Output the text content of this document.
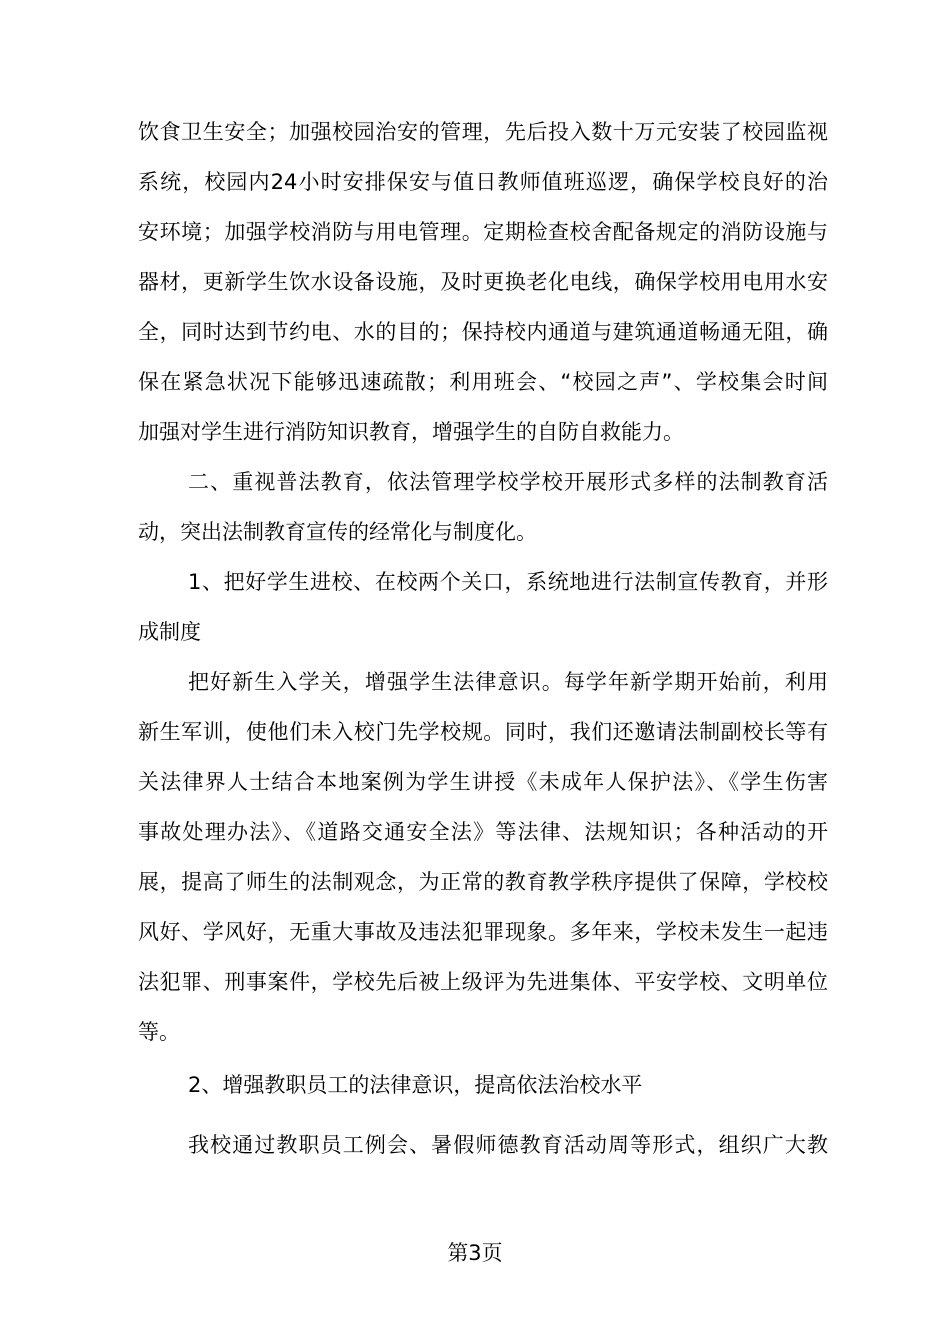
饮食卫生安全；加强校园治安的管理，先后投入数十万元安装了校园监视
系统，校园内24小时安排保安与值日教师值班巡逻，确保学校良好的治
安环境；加强学校消防与用电管理。定期检查校舍配备规定的消防设施与
器材，更新学生饮水设备设施，及时更换老化电线，确保学校用电用水安
全，同时达到节约电、水的目的；保持校内通道与建筑通道畅通无阻，确
保在紧急状况下能够迅速疏散；利用班会、“校园之声”、学校集会时间
加强对学生进行消防知识教育，增强学生的自防自救能力。
二、重视普法教育，依法管理学校学校开展形式多样的法制教育活
动，突出法制教育宣传的经常化与制度化。
1、把好学生进校、在校两个关口，系统地进行法制宣传教育，并形
成制度
把好新生入学关，增强学生法律意识。每学年新学期开始前，利用
新生军训，使他们未入校门先学校规。同时，我们还邀请法制副校长等有
关法律界人士结合本地案例为学生讲授《未成年人保护法》、《学生伤害
事故处理办法》、《道路交通安全法》等法律、法规知识；各种活动的开
展，提高了师生的法制观念，为正常的教育教学秩序提供了保障，学校校
风好、学风好，无重大事故及违法犯罪现象。多年来，学校未发生一起违
法犯罪、刑事案件，学校先后被上级评为先进集体、平安学校、文明单位
等。
2、增强教职员工的法律意识，提高依法治校水平
我校通过教职员工例会、暑假师德教育活动周等形式，组织广大教
第3页
